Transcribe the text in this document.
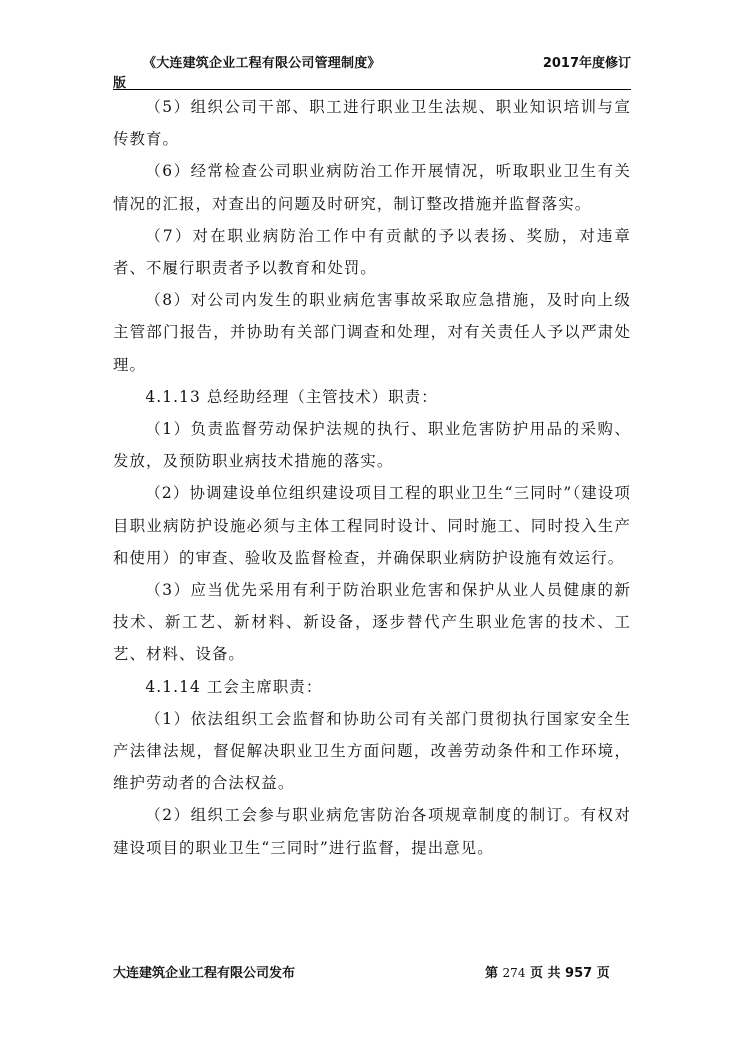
《大连建筑企业工程有限公司管理制度》	2017年度修订
版

（5）组织公司干部、职工进行职业卫生法规、职业知识培训与宣传教育。

（6）经常检查公司职业病防治工作开展情况，听取职业卫生有关情况的汇报，对查出的问题及时研究，制订整改措施并监督落实。

（7）对在职业病防治工作中有贡献的予以表扬、奖励，对违章者、不履行职责者予以教育和处罚。

（8）对公司内发生的职业病危害事故采取应急措施，及时向上级主管部门报告，并协助有关部门调查和处理，对有关责任人予以严肃处理。

4.1.13 总经助经理（主管技术）职责：

（1）负责监督劳动保护法规的执行、职业危害防护用品的采购、发放，及预防职业病技术措施的落实。

（2）协调建设单位组织建设项目工程的职业卫生“三同时”（建设项目职业病防护设施必须与主体工程同时设计、同时施工、同时投入生产和使用）的审查、验收及监督检查，并确保职业病防护设施有效运行。

（3）应当优先采用有利于防治职业危害和保护从业人员健康的新技术、新工艺、新材料、新设备，逐步替代产生职业危害的技术、工艺、材料、设备。

4.1.14 工会主席职责：

（1）依法组织工会监督和协助公司有关部门贯彻执行国家安全生产法律法规，督促解决职业卫生方面问题，改善劳动条件和工作环境，维护劳动者的合法权益。

（2）组织工会参与职业病危害防治各项规章制度的制订。有权对建设项目的职业卫生“三同时”进行监督，提出意见。

大连建筑企业工程有限公司发布	第 274 页 共 957 页
